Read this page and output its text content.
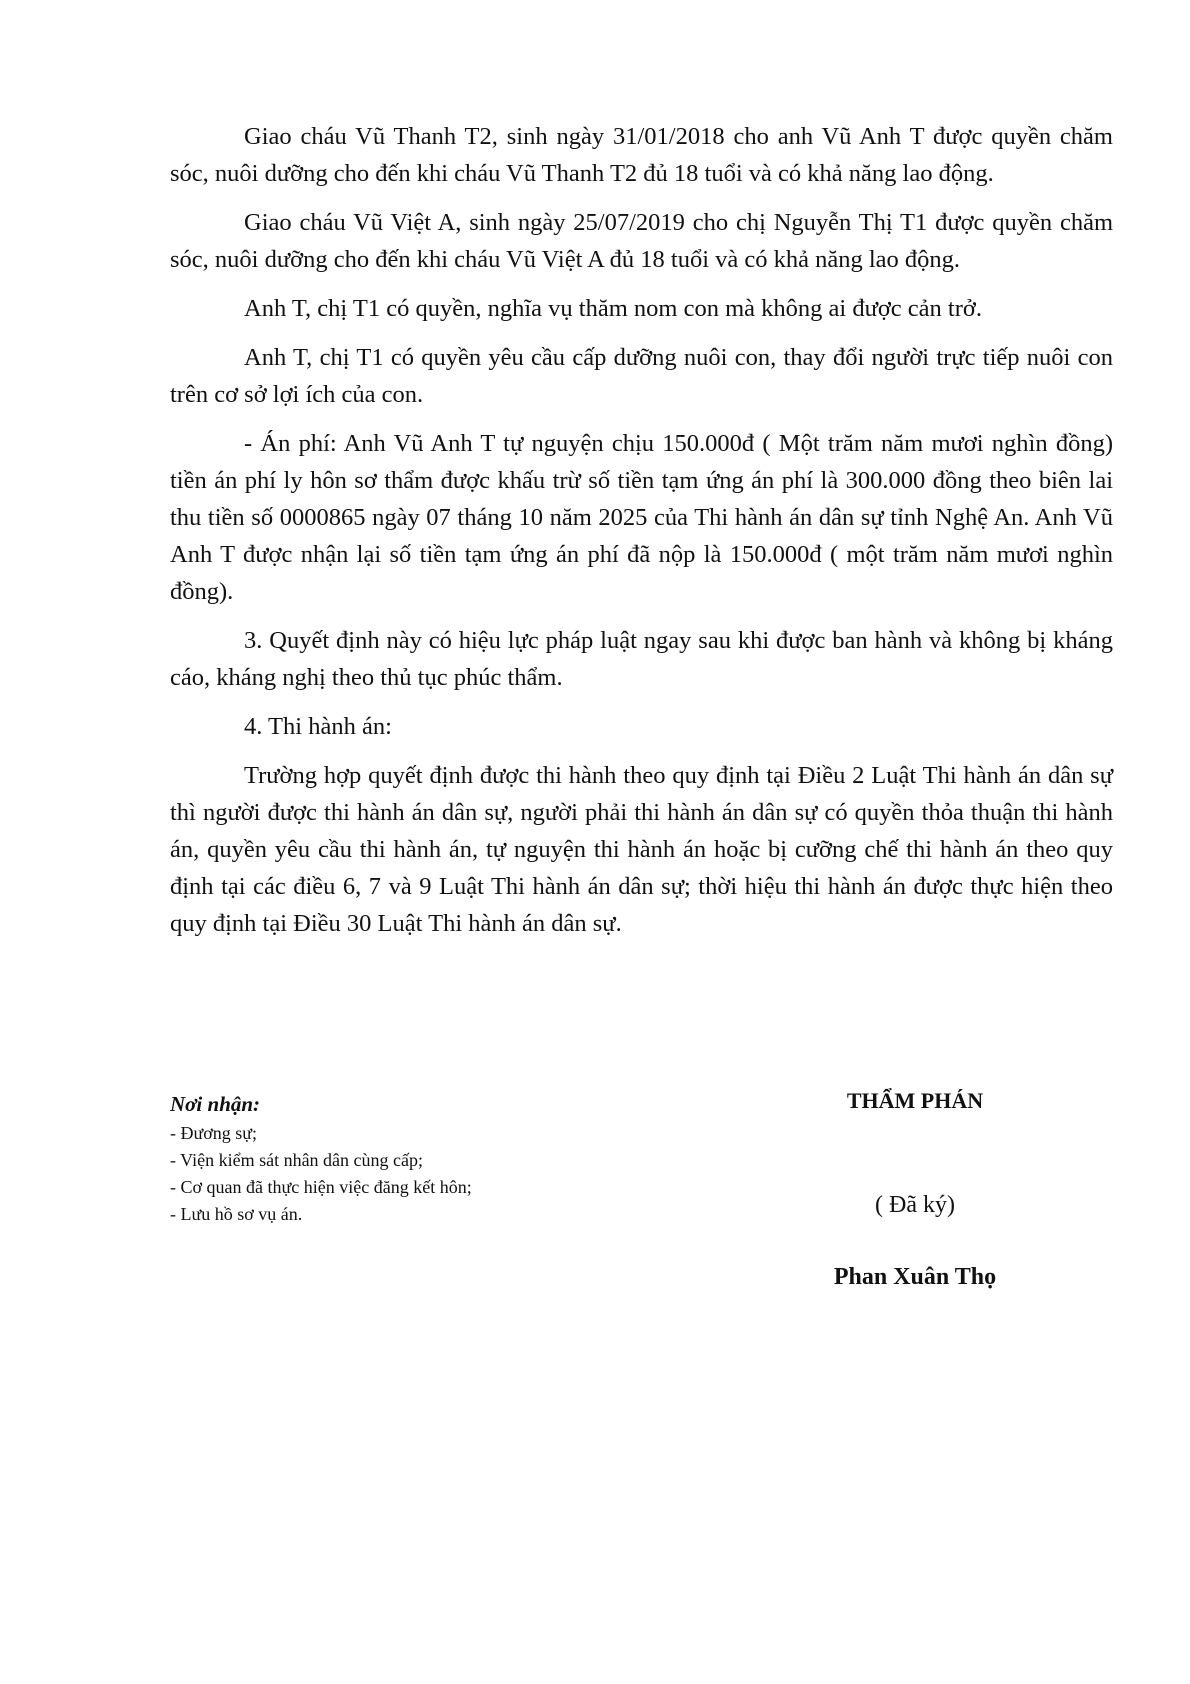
Giao cháu Vũ Thanh T2, sinh ngày 31/01/2018 cho anh Vũ Anh T được quyền chăm sóc, nuôi dưỡng cho đến khi cháu Vũ Thanh T2 đủ 18 tuổi và có khả năng lao động.

Giao cháu Vũ Việt A, sinh ngày 25/07/2019 cho chị Nguyễn Thị T1 được quyền chăm sóc, nuôi dưỡng cho đến khi cháu Vũ Việt A đủ 18 tuổi và có khả năng lao động.

Anh T, chị T1 có quyền, nghĩa vụ thăm nom con mà không ai được cản trở.

Anh T, chị T1 có quyền yêu cầu cấp dưỡng nuôi con, thay đổi người trực tiếp nuôi con trên cơ sở lợi ích của con.

- Án phí: Anh Vũ Anh T tự nguyện chịu 150.000đ ( Một trăm năm mươi nghìn đồng) tiền án phí ly hôn sơ thẩm được khấu trừ số tiền tạm ứng án phí là 300.000 đồng theo biên lai thu tiền số 0000865 ngày 07 tháng 10 năm 2025 của Thi hành án dân sự tỉnh Nghệ An. Anh Vũ Anh T được nhận lại số tiền tạm ứng án phí đã nộp là 150.000đ ( một trăm năm mươi nghìn đồng).

3. Quyết định này có hiệu lực pháp luật ngay sau khi được ban hành và không bị kháng cáo, kháng nghị theo thủ tục phúc thẩm.

4. Thi hành án:

Trường hợp quyết định được thi hành theo quy định tại Điều 2 Luật Thi hành án dân sự thì người được thi hành án dân sự, người phải thi hành án dân sự có quyền thỏa thuận thi hành án, quyền yêu cầu thi hành án, tự nguyện thi hành án hoặc bị cưỡng chế thi hành án theo quy định tại các điều 6, 7 và 9 Luật Thi hành án dân sự; thời hiệu thi hành án được thực hiện theo quy định tại Điều 30 Luật Thi hành án dân sự.

Nơi nhận:
- Đương sự;
- Viện kiểm sát nhân dân cùng cấp;
- Cơ quan đã thực hiện việc đăng kết hôn;
- Lưu hồ sơ vụ án.
THẨM PHÁN
( Đã ký)
Phan Xuân Thọ
